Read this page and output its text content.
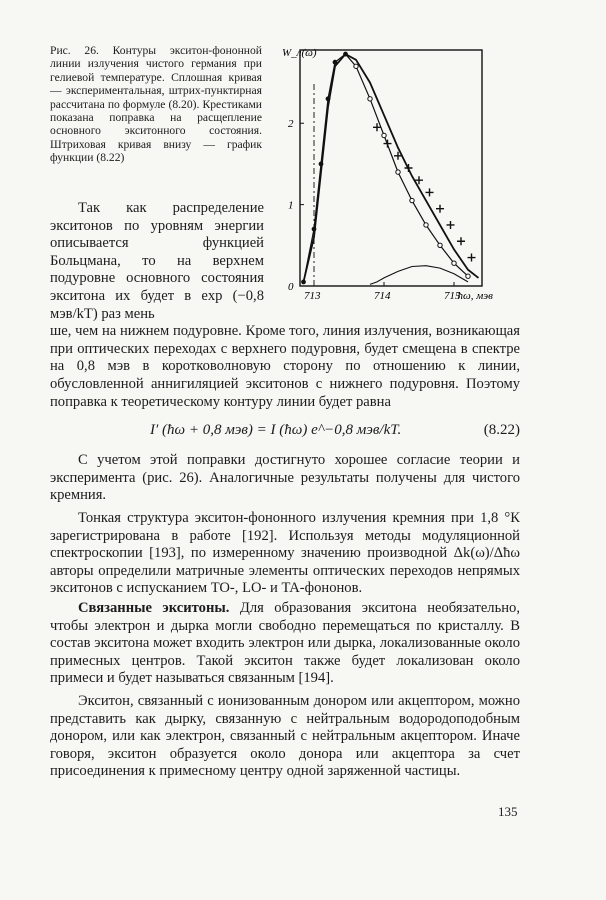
Рис. 26. Контуры экситон-фононной линии излучения чистого германия при гелиевой температуре. Сплошная кривая — экспериментальная, штрих-пунктирная рассчитана по формуле (8.20). Крестиками показана поправка на расщепление основного экситонного состояния. Штриховая кривая внизу — график функции (8.22)

W_л(ω)
0
1
2
713	714	715
ħω, мэв

Так как распределение экситонов по уровням энергии описывается функцией Больцмана, то на верхнем подуровне основного состояния экситона их будет в exp (−0,8 мэв/kT) раз мень
ше, чем на нижнем подуровне. Кроме того, линия излучения, возникающая при оптических переходах с верхнего подуровня, будет смещена в спектре на 0,8 мэв в коротковолновую сторону по отношению к линии, обусловленной аннигиляцией экситонов с нижнего подуровня. Поэтому поправка к теоретическому контуру линии будет равна

I′ (ħω + 0,8 мэв) = I (ħω) e^−0,8 мэв/kT.	(8.22)

С учетом этой поправки достигнуто хорошее согласие теории и эксперимента (рис. 26). Аналогичные результаты получены для чистого кремния.

Тонкая структура экситон-фононного излучения кремния при 1,8 °К зарегистрирована в работе [192]. Используя методы модуляционной спектроскопии [193], по измеренному значению производной Δk(ω)/Δħω авторы определили матричные элементы оптических переходов непрямых экситонов с испусканием TO-, LO- и TA-фононов.

Связанные экситоны. Для образования экситона необязательно, чтобы электрон и дырка могли свободно перемещаться по кристаллу. В состав экситона может входить электрон или дырка, локализованные около примесных центров. Такой экситон также будет локализован около примеси и будет называться связанным [194].

Экситон, связанный с ионизованным донором или акцептором, можно представить как дырку, связанную с нейтральным водородоподобным донором, или как электрон, связанный с нейтральным акцептором. Иначе говоря, экситон образуется около донора или акцептора за счет присоединения к примесному центру одной заряженной частицы.

135
